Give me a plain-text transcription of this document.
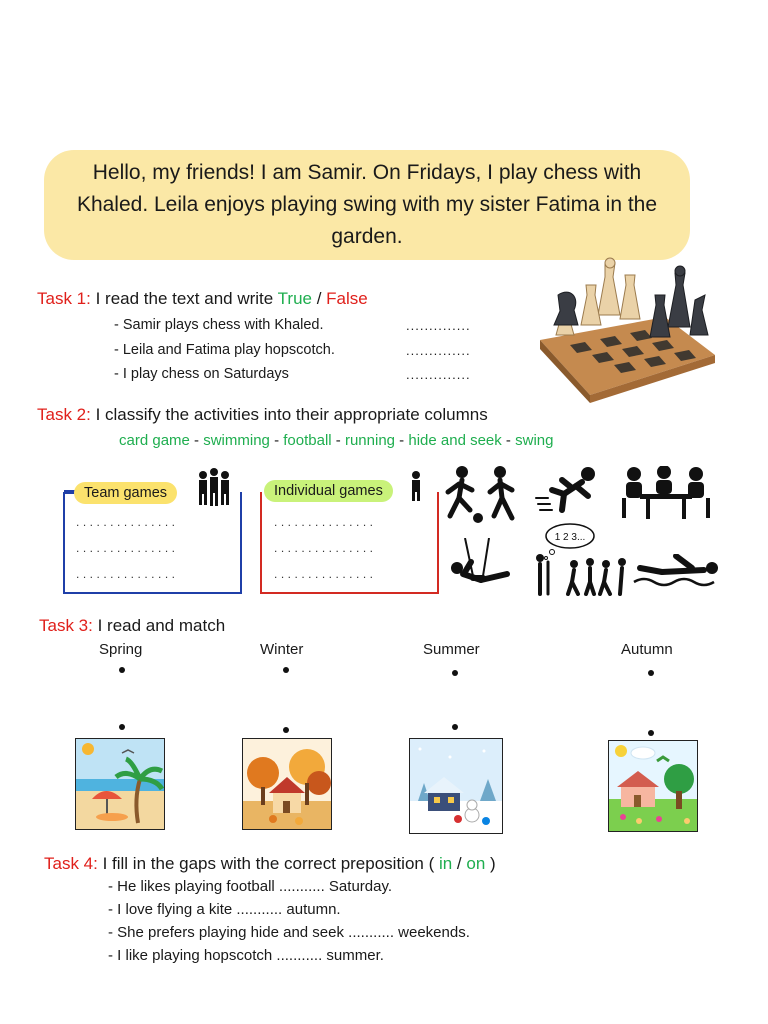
Hello, my friends! I am Samir. On Fridays, I play chess with Khaled. Leila enjoys playing swing with my sister Fatima in the garden.

Task 1: I read the text and write True / False
- Samir plays chess with Khaled.	..............
- Leila and Fatima play hopscotch.	..............
- I play chess on Saturdays	..............
Task 2: I classify the activities into their appropriate columns
card game - swimming - football - running - hide and seek - swing
Team games
...............
...............
...............
Individual games
...............
...............
...............
1 2 3...
Task 3: I read and match
Spring	Winter	Summer	Autumn
Task 4: I fill in the gaps with the correct preposition ( in / on )
- He likes playing football ........... Saturday.
- I love flying a kite ........... autumn.
- She prefers playing hide and seek ........... weekends.
- I like playing hopscotch ........... summer.
